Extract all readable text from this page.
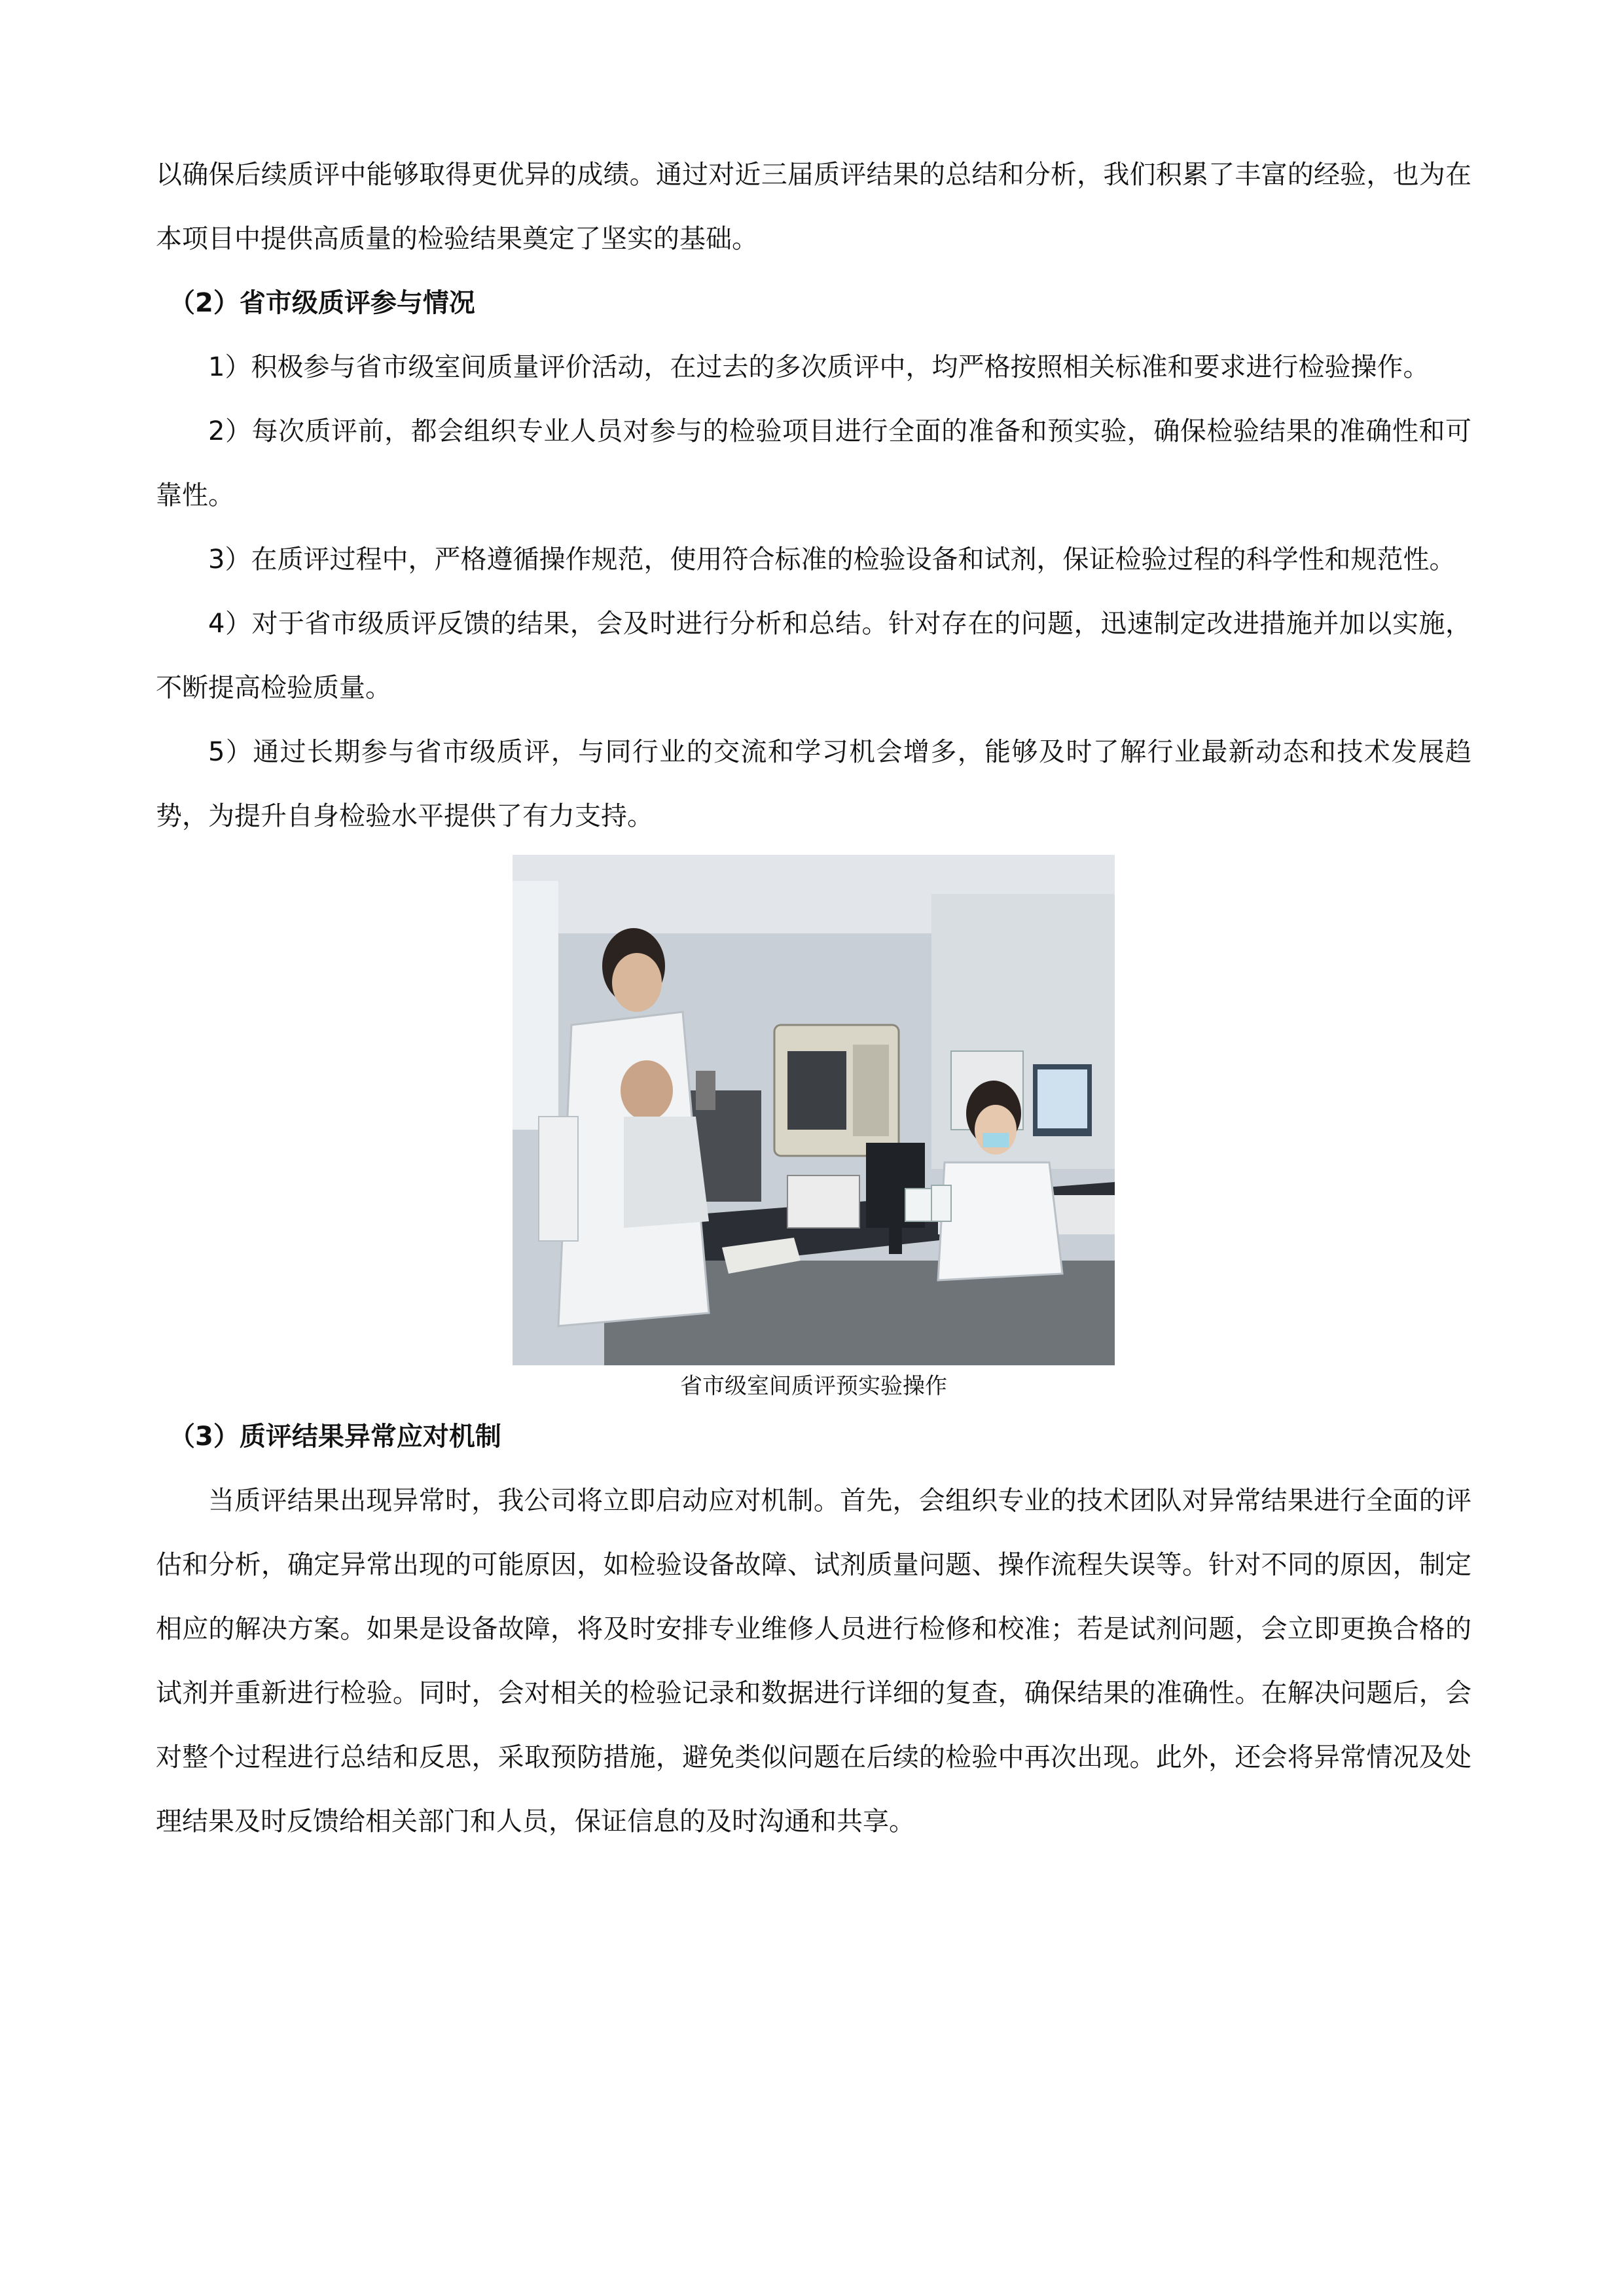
以确保后续质评中能够取得更优异的成绩。通过对近三届质评结果的总结和分析，我们积累了丰富的经验，也为在本项目中提供高质量的检验结果奠定了坚实的基础。

（2）省市级质评参与情况

1）积极参与省市级室间质量评价活动，在过去的多次质评中，均严格按照相关标准和要求进行检验操作。

2）每次质评前，都会组织专业人员对参与的检验项目进行全面的准备和预实验，确保检验结果的准确性和可靠性。

3）在质评过程中，严格遵循操作规范，使用符合标准的检验设备和试剂，保证检验过程的科学性和规范性。

4）对于省市级质评反馈的结果，会及时进行分析和总结。针对存在的问题，迅速制定改进措施并加以实施，不断提高检验质量。

5）通过长期参与省市级质评，与同行业的交流和学习机会增多，能够及时了解行业最新动态和技术发展趋势，为提升自身检验水平提供了有力支持。

省市级室间质评预实验操作

（3）质评结果异常应对机制

当质评结果出现异常时，我公司将立即启动应对机制。首先，会组织专业的技术团队对异常结果进行全面的评估和分析，确定异常出现的可能原因，如检验设备故障、试剂质量问题、操作流程失误等。针对不同的原因，制定相应的解决方案。如果是设备故障，将及时安排专业维修人员进行检修和校准；若是试剂问题，会立即更换合格的试剂并重新进行检验。同时，会对相关的检验记录和数据进行详细的复查，确保结果的准确性。在解决问题后，会对整个过程进行总结和反思，采取预防措施，避免类似问题在后续的检验中再次出现。此外，还会将异常情况及处理结果及时反馈给相关部门和人员，保证信息的及时沟通和共享。
